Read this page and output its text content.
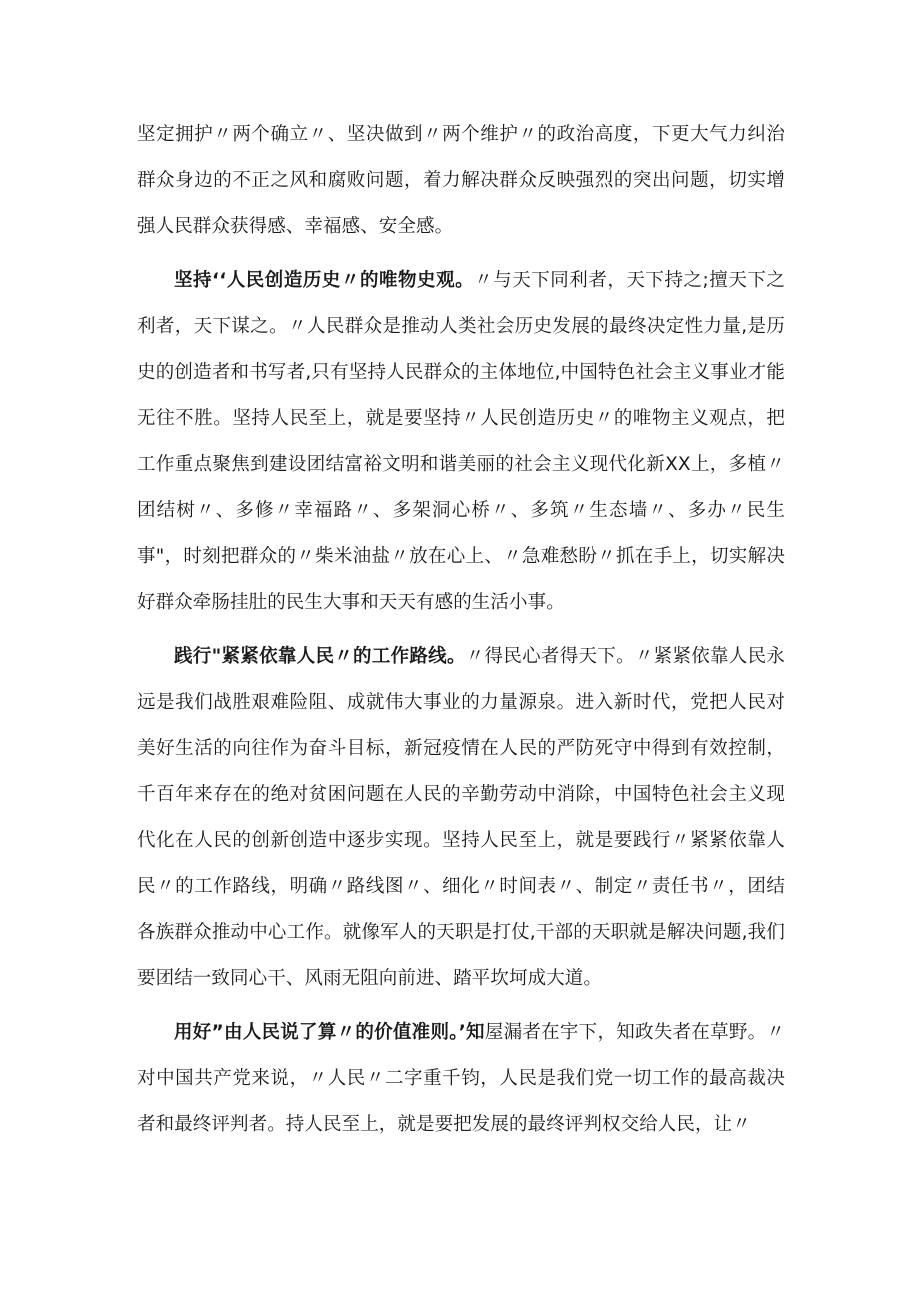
坚定拥护〃两个确立〃、坚决做到〃两个维护〃的政治高度，下更大气力纠治群众身边的不正之风和腐败问题，着力解决群众反映强烈的突出问题，切实增强人民群众获得感、幸福感、安全感。

坚持‘‘人民创造历史〃的唯物史观。〃与天下同利者，天下持之;擅天下之利者，天下谋之。〃人民群众是推动人类社会历史发展的最终决定性力量,是历史的创造者和书写者,只有坚持人民群众的主体地位,中国特色社会主义事业才能无往不胜。坚持人民至上，就是要坚持〃人民创造历史〃的唯物主义观点，把工作重点聚焦到建设团结富裕文明和谐美丽的社会主义现代化新XX上，多植〃团结树〃、多修〃幸福路〃、多架洞心桥〃、多筑〃生态墙〃、多办〃民生事"，时刻把群众的〃柴米油盐〃放在心上、〃急难愁盼〃抓在手上，切实解决好群众牵肠挂肚的民生大事和天天有感的生活小事。

践行"紧紧依靠人民〃的工作路线。〃得民心者得天下。〃紧紧依靠人民永远是我们战胜艰难险阻、成就伟大事业的力量源泉。进入新时代，党把人民对美好生活的向往作为奋斗目标，新冠疫情在人民的严防死守中得到有效控制，千百年来存在的绝对贫困问题在人民的辛勤劳动中消除，中国特色社会主义现代化在人民的创新创造中逐步实现。坚持人民至上，就是要践行〃紧紧依靠人民〃的工作路线，明确〃路线图〃、细化〃时间表〃、制定〃责任书〃，团结各族群众推动中心工作。就像军人的天职是打仗,干部的天职就是解决问题,我们要团结一致同心干、风雨无阻向前进、踏平坎坷成大道。

用好”由人民说了算〃的价值准则。’知屋漏者在宇下，知政失者在草野。〃对中国共产党来说，〃人民〃二字重千钧，人民是我们党一切工作的最高裁决者和最终评判者。持人民至上，就是要把发展的最终评判权交给人民，让〃
